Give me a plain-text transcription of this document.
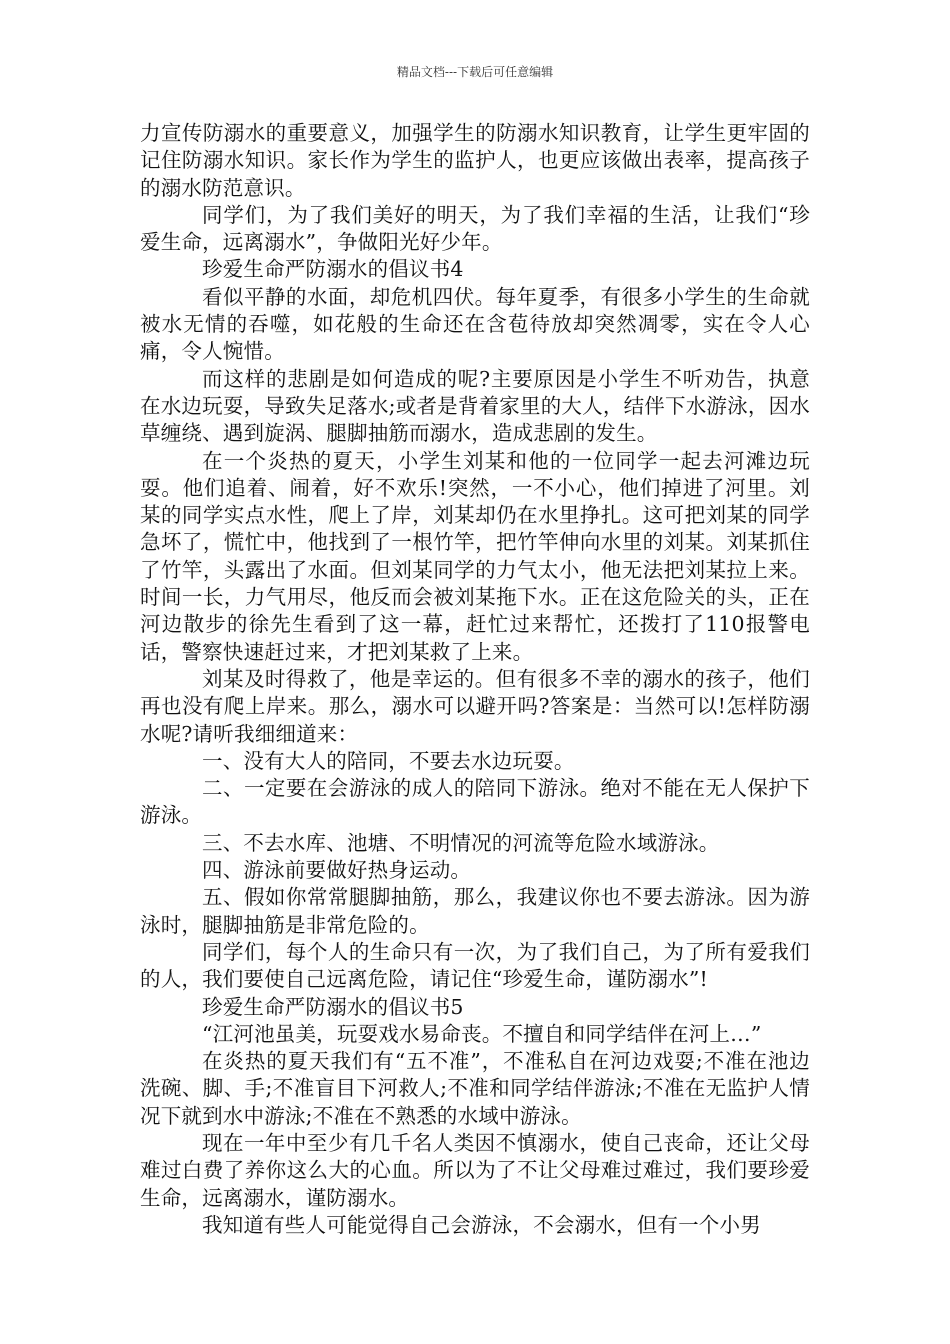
精品文档---下载后可任意编辑

力宣传防溺水的重要意义，加强学生的防溺水知识教育，让学生更牢固的记住防溺水知识。家长作为学生的监护人，也更应该做出表率，提高孩子的溺水防范意识。

同学们，为了我们美好的明天，为了我们幸福的生活，让我们“珍爱生命，远离溺水”，争做阳光好少年。

珍爱生命严防溺水的倡议书4

看似平静的水面，却危机四伏。每年夏季，有很多小学生的生命就被水无情的吞噬，如花般的生命还在含苞待放却突然凋零，实在令人心痛，令人惋惜。

而这样的悲剧是如何造成的呢?主要原因是小学生不听劝告，执意在水边玩耍，导致失足落水;或者是背着家里的大人，结伴下水游泳，因水草缠绕、遇到旋涡、腿脚抽筋而溺水，造成悲剧的发生。

在一个炎热的夏天，小学生刘某和他的一位同学一起去河滩边玩耍。他们追着、闹着，好不欢乐!突然，一不小心，他们掉进了河里。刘某的同学实点水性，爬上了岸，刘某却仍在水里挣扎。这可把刘某的同学急坏了，慌忙中，他找到了一根竹竿，把竹竿伸向水里的刘某。刘某抓住了竹竿，头露出了水面。但刘某同学的力气太小，他无法把刘某拉上来。时间一长，力气用尽，他反而会被刘某拖下水。正在这危险关的头，正在河边散步的徐先生看到了这一幕，赶忙过来帮忙，还拨打了110报警电话，警察快速赶过来，才把刘某救了上来。

刘某及时得救了，他是幸运的。但有很多不幸的溺水的孩子，他们再也没有爬上岸来。那么，溺水可以避开吗?答案是：当然可以!怎样防溺水呢?请听我细细道来：

一、没有大人的陪同，不要去水边玩耍。

二、一定要在会游泳的成人的陪同下游泳。绝对不能在无人保护下游泳。

三、不去水库、池塘、不明情况的河流等危险水域游泳。

四、游泳前要做好热身运动。

五、假如你常常腿脚抽筋，那么，我建议你也不要去游泳。因为游泳时，腿脚抽筋是非常危险的。

同学们，每个人的生命只有一次，为了我们自己，为了所有爱我们的人，我们要使自己远离危险，请记住“珍爱生命，谨防溺水”!

珍爱生命严防溺水的倡议书5

“江河池虽美，玩耍戏水易命丧。不擅自和同学结伴在河上…”

在炎热的夏天我们有“五不准”，不准私自在河边戏耍;不准在池边洗碗、脚、手;不准盲目下河救人;不准和同学结伴游泳;不准在无监护人情况下就到水中游泳;不准在不熟悉的水域中游泳。

现在一年中至少有几千名人类因不慎溺水，使自己丧命，还让父母难过白费了养你这么大的心血。所以为了不让父母难过难过，我们要珍爱生命，远离溺水，谨防溺水。

我知道有些人可能觉得自己会游泳，不会溺水，但有一个小男
